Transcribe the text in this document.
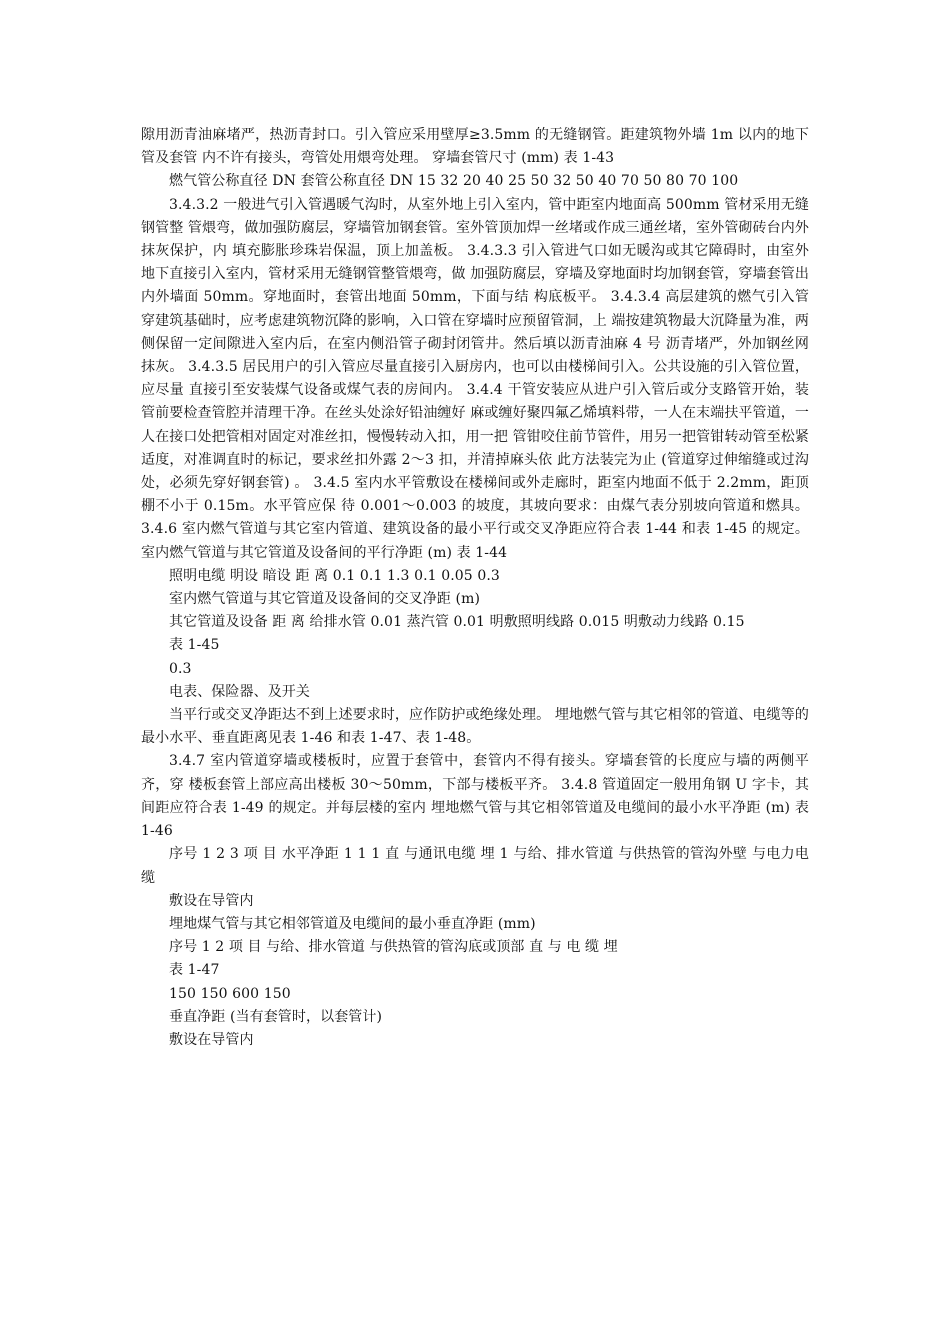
隙用沥青油麻堵严，热沥青封口。引入管应采用壁厚≥3.5mm 的无缝钢管。距建筑物外墙 1m 以内的地下管及套管 内不许有接头，弯管处用煨弯处理。 穿墙套管尺寸 (mm) 表 1-43

燃气管公称直径 DN 套管公称直径 DN 15 32 20 40 25 50 32 50 40 70 50 80 70 100

3.4.3.2 一般进气引入管遇暖气沟时，从室外地上引入室内，管中距室内地面高 500mm 管材采用无缝钢管整 管煨弯，做加强防腐层，穿墙管加钢套管。室外管顶加焊一丝堵或作成三通丝堵，室外管砌砖台内外抹灰保护，内 填充膨胀珍珠岩保温，顶上加盖板。 3.4.3.3 引入管进气口如无暖沟或其它障碍时，由室外地下直接引入室内，管材采用无缝钢管整管煨弯，做 加强防腐层，穿墙及穿地面时均加钢套管，穿墙套管出内外墙面 50mm。穿地面时，套管出地面 50mm，下面与结 构底板平。 3.4.3.4 高层建筑的燃气引入管穿建筑基础时，应考虑建筑物沉降的影响，入口管在穿墙时应预留管洞，上 端按建筑物最大沉降量为准，两侧保留一定间隙进入室内后，在室内侧沿管子砌封闭管井。然后填以沥青油麻 4 号 沥青堵严，外加钢丝网抹灰。 3.4.3.5 居民用户的引入管应尽量直接引入厨房内，也可以由楼梯间引入。公共设施的引入管位置，应尽量 直接引至安装煤气设备或煤气表的房间内。 3.4.4 干管安装应从进户引入管后或分支路管开始，装管前要检查管腔并清理干净。在丝头处涂好铅油缠好 麻或缠好聚四氟乙烯填料带，一人在末端扶平管道，一人在接口处把管相对固定对准丝扣，慢慢转动入扣，用一把 管钳咬住前节管件，用另一把管钳转动管至松紧适度，对准调直时的标记，要求丝扣外露 2～3 扣，并清掉麻头依 此方法装完为止 (管道穿过伸缩缝或过沟处，必须先穿好钢套管) 。 3.4.5 室内水平管敷设在楼梯间或外走廊时，距室内地面不低于 2.2mm，距顶棚不小于 0.15m。水平管应保 待 0.001～0.003 的坡度，其坡向要求：由煤气表分别坡向管道和燃具。 3.4.6 室内燃气管道与其它室内管道、建筑设备的最小平行或交叉净距应符合表 1-44 和表 1-45 的规定。 室内燃气管道与其它管道及设备间的平行净距 (m) 表 1-44

照明电缆 明设 暗设 距 离 0.1 0.1 1.3 0.1 0.05 0.3

室内燃气管道与其它管道及设备间的交叉净距 (m)

其它管道及设备 距 离 给排水管 0.01 蒸汽管 0.01 明敷照明线路 0.015 明敷动力线路 0.15

表 1-45

0.3

电表、保险器、及开关

当平行或交叉净距达不到上述要求时，应作防护或绝缘处理。 埋地燃气管与其它相邻的管道、电缆等的最小水平、垂直距离见表 1-46 和表 1-47、表 1-48。

3.4.7 室内管道穿墙或楼板时，应置于套管中，套管内不得有接头。穿墙套管的长度应与墙的两侧平齐，穿 楼板套管上部应高出楼板 30～50mm，下部与楼板平齐。 3.4.8 管道固定一般用角钢 U 字卡，其间距应符合表 1-49 的规定。并每层楼的室内 埋地燃气管与其它相邻管道及电缆间的最小水平净距 (m) 表 1-46

序号 1 2 3 项 目 水平净距 1 1 1 直 与通讯电缆 埋 1 与给、排水管道 与供热管的管沟外壁 与电力电缆

敷设在导管内

埋地煤气管与其它相邻管道及电缆间的最小垂直净距 (mm)

序号 1 2 项 目 与给、排水管道 与供热管的管沟底或顶部 直 与 电 缆 埋

表 1-47

150 150 600 150

垂直净距 (当有套管时，以套管计)

敷设在导管内
